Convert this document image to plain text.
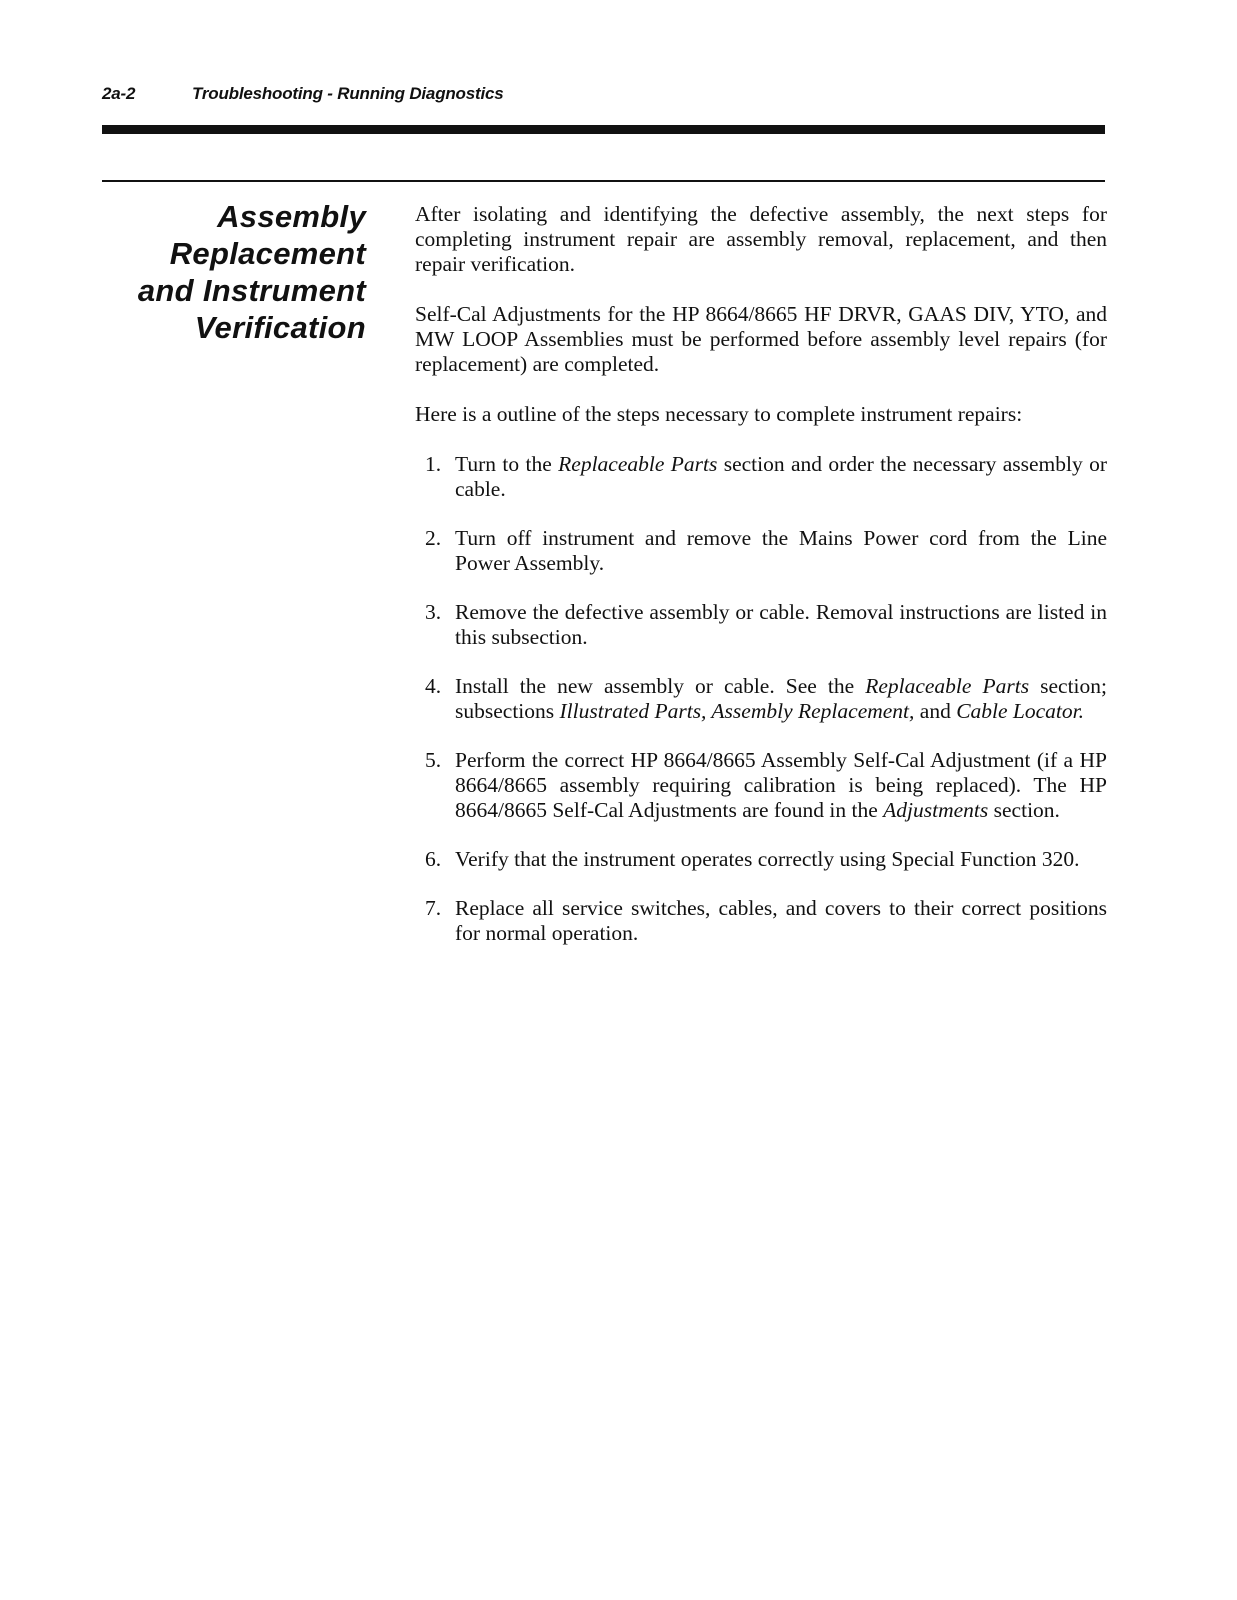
2a-2	Troubleshooting - Running Diagnostics
Assembly
Replacement
and Instrument
Verification

After isolating and identifying the defective assembly, the next steps for completing instrument repair are assembly removal, replacement, and then repair verification.

Self-Cal Adjustments for the HP 8664/8665 HF DRVR, GAAS DIV, YTO, and MW LOOP Assemblies must be performed before assembly level repairs (for replacement) are completed.

Here is a outline of the steps necessary to complete instrument repairs:

1. Turn to the Replaceable Parts section and order the necessary assembly or cable.
2. Turn off instrument and remove the Mains Power cord from the Line Power Assembly.
3. Remove the defective assembly or cable. Removal instructions are listed in this subsection.
4. Install the new assembly or cable. See the Replaceable Parts section; subsections Illustrated Parts, Assembly Replacement, and Cable Locator.
5. Perform the correct HP 8664/8665 Assembly Self-Cal Adjustment (if a HP 8664/8665 assembly requiring calibration is being replaced). The HP 8664/8665 Self-Cal Adjustments are found in the Adjustments section.
6. Verify that the instrument operates correctly using Special Function 320.
7. Replace all service switches, cables, and covers to their correct positions for normal operation.
